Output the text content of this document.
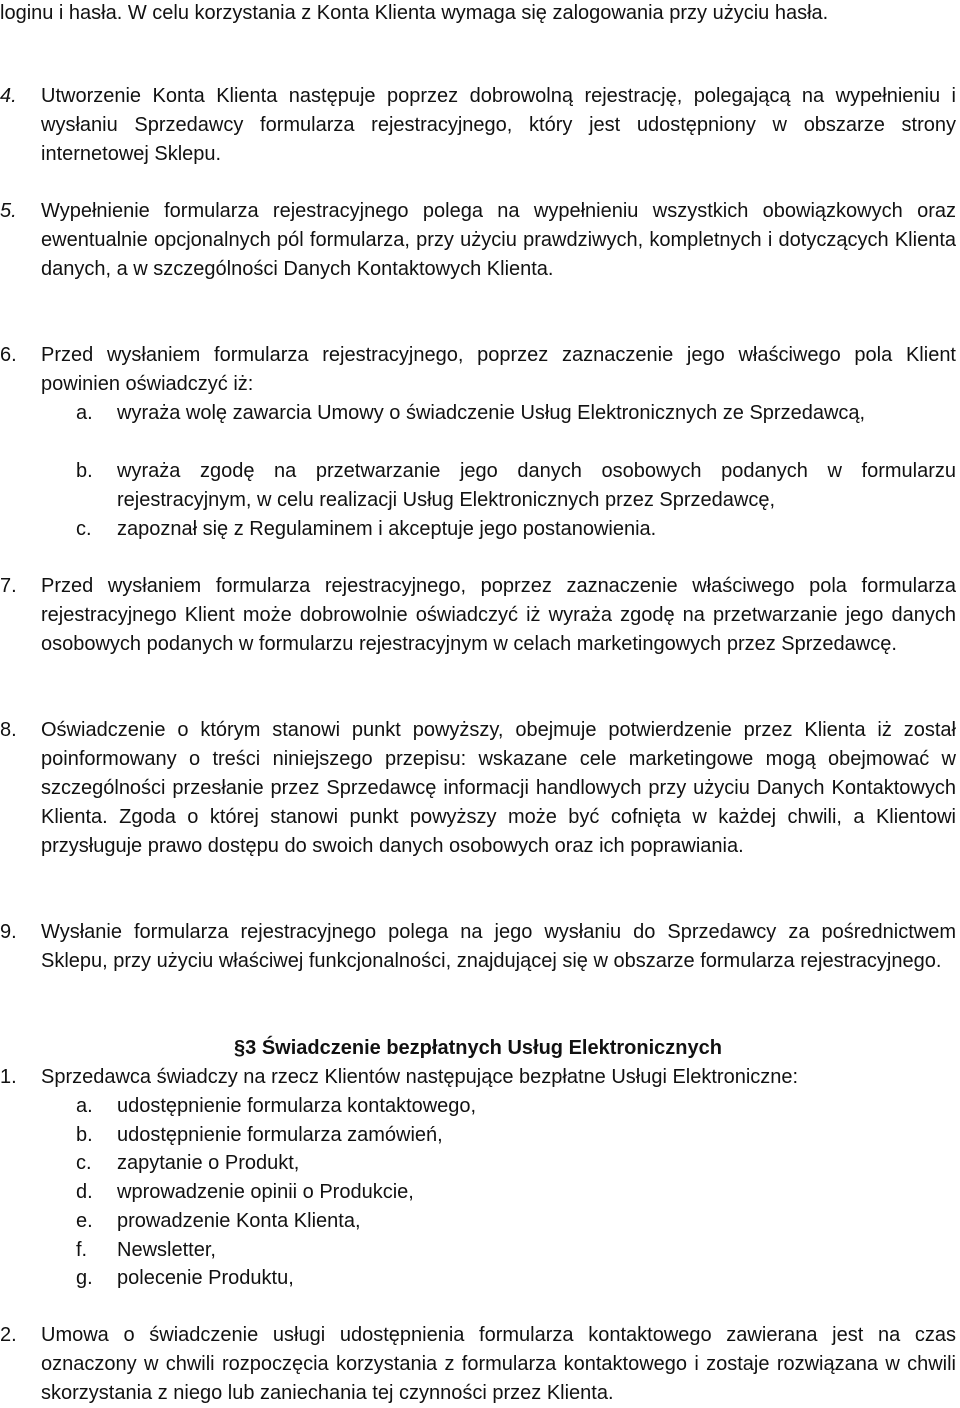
loginu i hasła. W celu korzystania z Konta Klienta wymaga się zalogowania przy użyciu hasła.
4.	Utworzenie Konta Klienta następuje poprzez dobrowolną rejestrację, polegającą na wypełnieniu i wysłaniu Sprzedawcy formularza rejestracyjnego, który jest udostępniony w obszarze strony internetowej Sklepu.
5.	Wypełnienie formularza rejestracyjnego polega na wypełnieniu wszystkich obowiązkowych oraz ewentualnie opcjonalnych pól formularza, przy użyciu prawdziwych, kompletnych i dotyczących Klienta danych, a w szczególności Danych Kontaktowych Klienta.
6.	Przed wysłaniem formularza rejestracyjnego, poprzez zaznaczenie jego właściwego pola Klient powinien oświadczyć iż:
a.	wyraża wolę zawarcia Umowy o świadczenie Usług Elektronicznych ze Sprzedawcą,
b.	wyraża zgodę na przetwarzanie jego danych osobowych podanych w formularzu rejestracyjnym, w celu realizacji Usług Elektronicznych przez Sprzedawcę,
c.	zapoznał się z Regulaminem i akceptuje jego postanowienia.
7.	Przed wysłaniem formularza rejestracyjnego, poprzez zaznaczenie właściwego pola formularza rejestracyjnego Klient może dobrowolnie oświadczyć iż wyraża zgodę na przetwarzanie jego danych osobowych podanych w formularzu rejestracyjnym w celach marketingowych przez Sprzedawcę.
8.	Oświadczenie o którym stanowi punkt powyższy, obejmuje potwierdzenie przez Klienta iż został poinformowany o treści niniejszego przepisu: wskazane cele marketingowe mogą obejmować w szczególności przesłanie przez Sprzedawcę informacji handlowych przy użyciu Danych Kontaktowych Klienta. Zgoda o której stanowi punkt powyższy może być cofnięta w każdej chwili, a Klientowi przysługuje prawo dostępu do swoich danych osobowych oraz ich poprawiania.
9.	Wysłanie formularza rejestracyjnego polega na jego wysłaniu do Sprzedawcy za pośrednictwem Sklepu, przy użyciu właściwej funkcjonalności, znajdującej się w obszarze formularza rejestracyjnego.
§3 Świadczenie bezpłatnych Usług Elektronicznych
1.	Sprzedawca świadczy na rzecz Klientów następujące bezpłatne Usługi Elektroniczne:
a.	udostępnienie formularza kontaktowego,
b.	udostępnienie formularza zamówień,
c.	zapytanie o Produkt,
d.	wprowadzenie opinii o Produkcie,
e.	prowadzenie Konta Klienta,
f.	Newsletter,
g.	polecenie Produktu,
2.	Umowa o świadczenie usługi udostępnienia formularza kontaktowego zawierana jest na czas oznaczony w chwili rozpoczęcia korzystania z formularza kontaktowego i zostaje rozwiązana w chwili skorzystania z niego lub zaniechania tej czynności przez Klienta.
